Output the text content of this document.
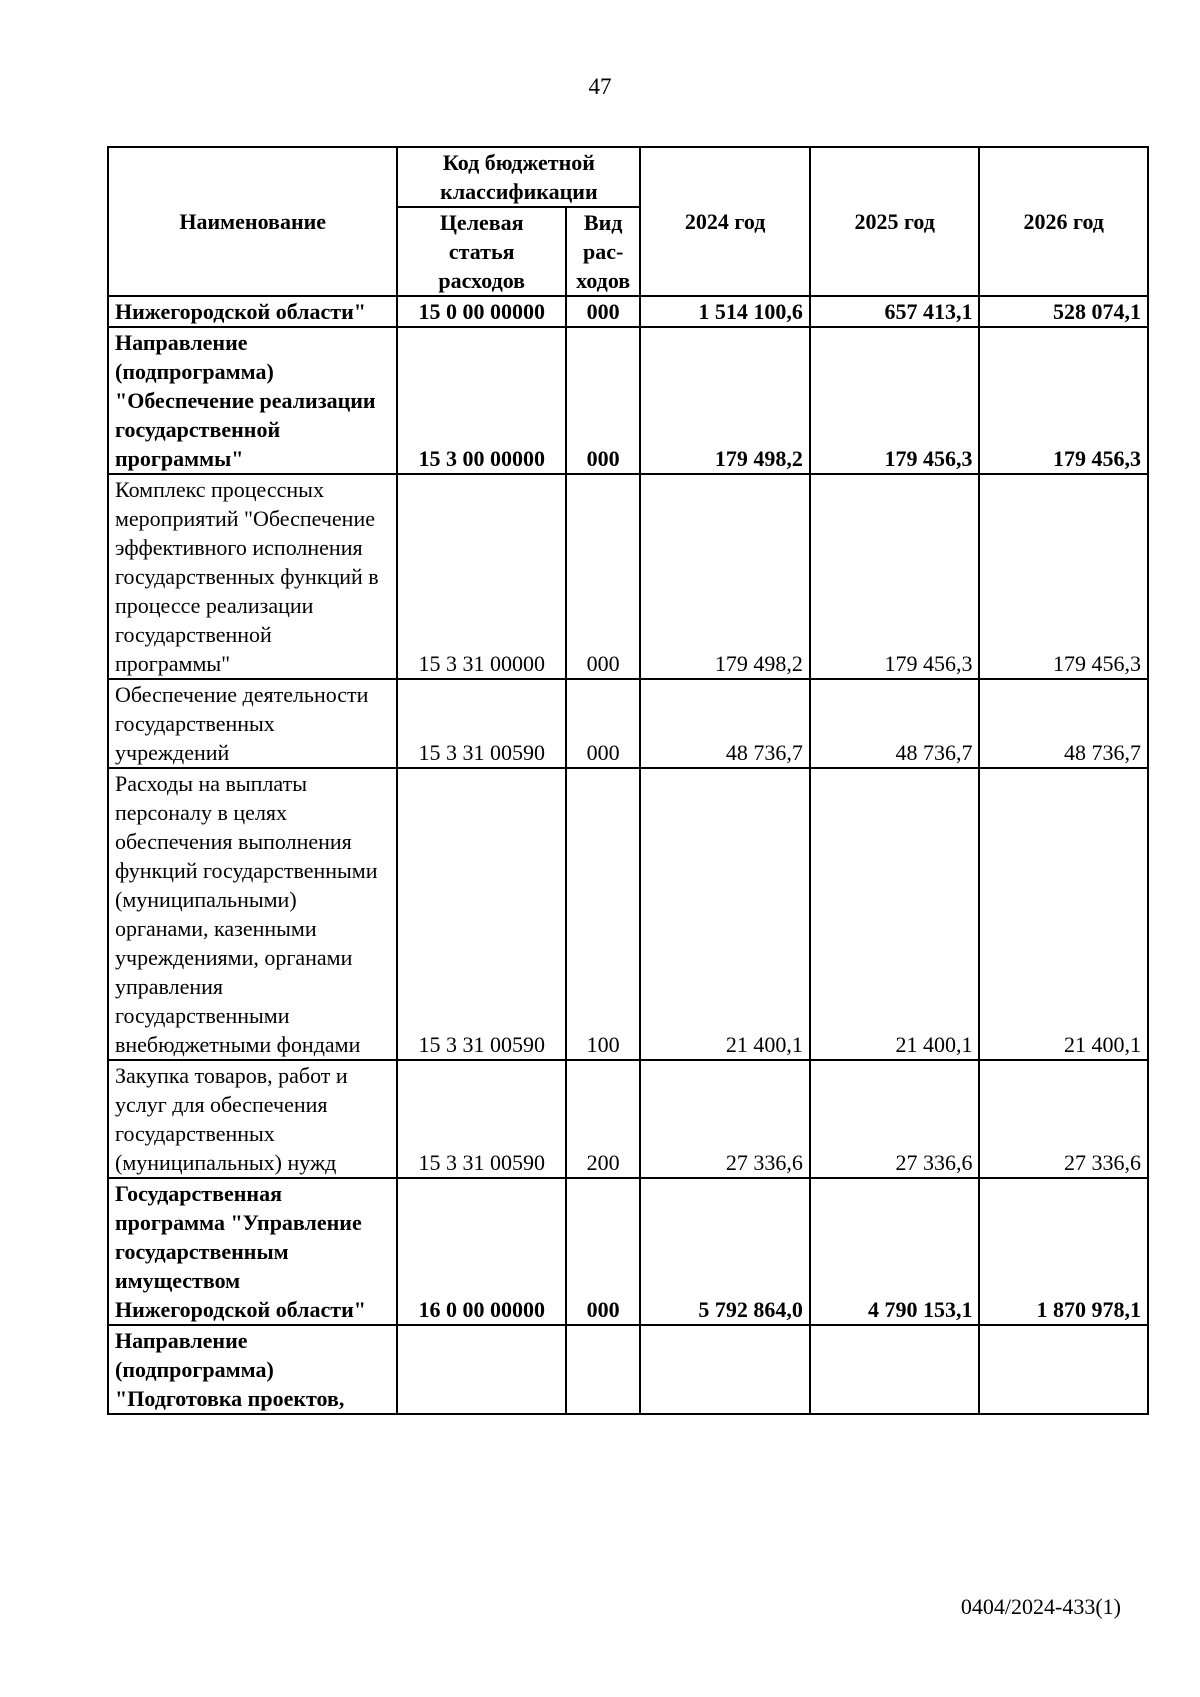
47
Наименование	Код бюджетной классификации		2024 год	2025 год	2026 год
	Целевая статья расходов	Вид рас-ходов			
Нижегородской области"	15 0 00 00000	000	1 514 100,6	657 413,1	528 074,1
Направление (подпрограмма) "Обеспечение реализации государственной программы"	15 3 00 00000	000	179 498,2	179 456,3	179 456,3
Комплекс процессных мероприятий "Обеспечение эффективного исполнения государственных функций в процессе реализации государственной программы"	15 3 31 00000	000	179 498,2	179 456,3	179 456,3
Обеспечение деятельности государственных учреждений	15 3 31 00590	000	48 736,7	48 736,7	48 736,7
Расходы на выплаты персоналу в целях обеспечения выполнения функций государственными (муниципальными) органами, казенными учреждениями, органами управления государственными внебюджетными фондами	15 3 31 00590	100	21 400,1	21 400,1	21 400,1
Закупка товаров, работ и услуг для обеспечения государственных (муниципальных) нужд	15 3 31 00590	200	27 336,6	27 336,6	27 336,6
Государственная программа "Управление государственным имуществом Нижегородской области"	16 0 00 00000	000	5 792 864,0	4 790 153,1	1 870 978,1
Направление (подпрограмма) "Подготовка проектов,					
0404/2024-433(1)
